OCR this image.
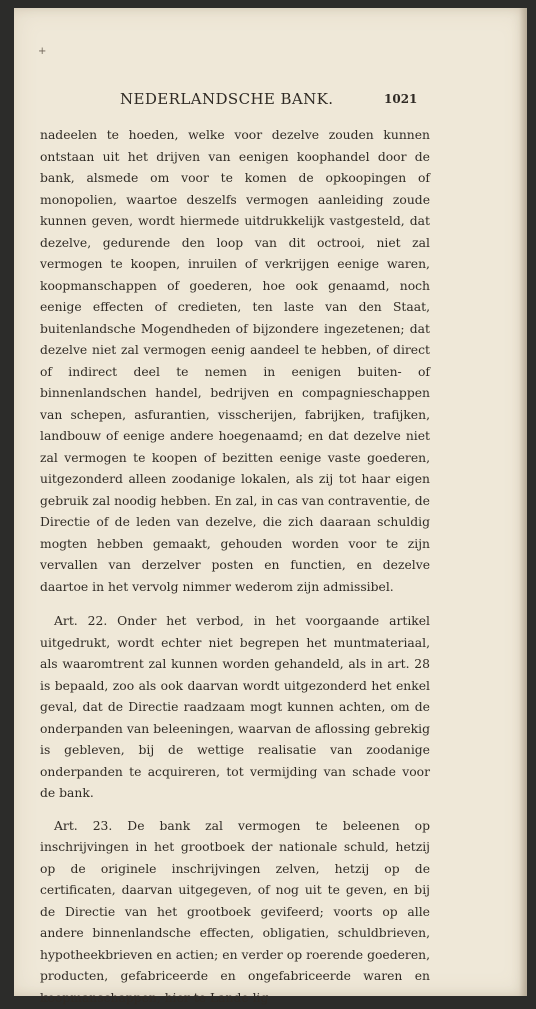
+
NEDERLANDSCHE BANK.	1021

nadeelen te hoeden, welke voor dezelve zouden kunnen ontstaan uit het drijven van eenigen koophandel door de bank, alsmede om voor te komen de opkoopingen of monopolien, waartoe deszelfs vermogen aanleiding zoude kunnen geven, wordt hiermede uitdrukkelijk vastgesteld, dat dezelve, gedurende den loop van dit octrooi, niet zal vermogen te koopen, inruilen of verkrijgen eenige waren, koopmanschappen of goederen, hoe ook genaamd, noch eenige effecten of credieten, ten laste van den Staat, buitenlandsche Mogendheden of bijzondere ingezetenen; dat dezelve niet zal vermogen eenig aandeel te hebben, of direct of indirect deel te nemen in eenigen buiten- of binnenlandschen handel, bedrijven en compagnieschappen van schepen, asfurantien, visscherijen, fabrijken, trafijken, landbouw of eenige andere hoegenaamd; en dat dezelve niet zal vermogen te koopen of bezitten eenige vaste goederen, uitgezonderd alleen zoodanige lokalen, als zij tot haar eigen gebruik zal noodig hebben. En zal, in cas van contraventie, de Directie of de leden van dezelve, die zich daaraan schuldig mogten hebben gemaakt, gehouden worden voor te zijn vervallen van derzelver posten en functien, en dezelve daartoe in het vervolg nimmer wederom zijn admissibel.

Art. 22. Onder het verbod, in het voorgaande artikel uitgedrukt, wordt echter niet begrepen het muntmateriaal, als waaromtrent zal kunnen worden gehandeld, als in art. 28 is bepaald, zoo als ook daarvan wordt uitgezonderd het enkel geval, dat de Directie raadzaam mogt kunnen achten, om de onderpanden van beleeningen, waarvan de aflossing gebrekig is gebleven, bij de wettige realisatie van zoodanige onderpanden te acquireren, tot vermijding van schade voor de bank.

Art. 23. De bank zal vermogen te beleenen op inschrijvingen in het grootboek der nationale schuld, hetzij op de originele inschrijvingen zelven, hetzij op de certificaten, daarvan uitgegeven, of nog uit te geven, en bij de Directie van het grootboek gevifeerd; voorts op alle andere binnenlandsche effecten, obligatien, schuldbrieven, hypotheekbrieven en actien; en verder op roerende goederen, producten, gefabriceerde en ongefabriceerde waren en koopmanschappen, hier te Lande lig
